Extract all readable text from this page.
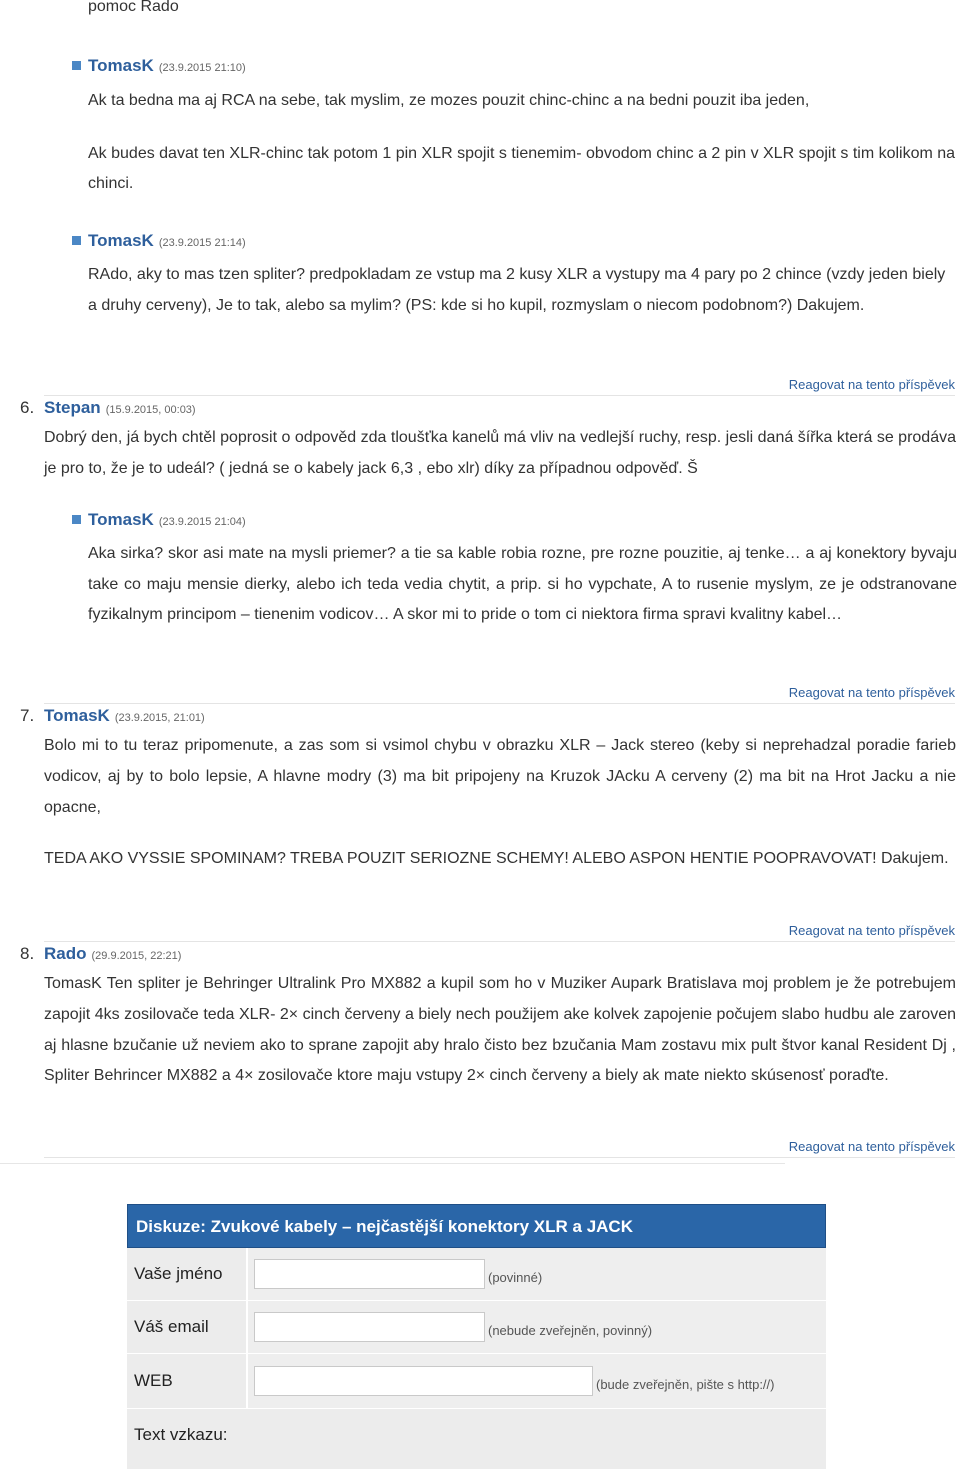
pomoc Rado
TomasK (23.9.2015 21:10)

Ak ta bedna ma aj RCA na sebe, tak myslim, ze mozes pouzit chinc-chinc a na bedni pouzit iba jeden,

Ak budes davat ten XLR-chinc tak potom 1 pin XLR spojit s tienemim- obvodom chinc a 2 pin v XLR spojit s tim kolikom na chinci.

TomasK (23.9.2015 21:14)

RAdo, aky to mas tzen spliter? predpokladam ze vstup ma 2 kusy XLR a vystupy ma 4 pary po 2 chince (vzdy jeden biely a druhy cerveny), Je to tak, alebo sa mylim? (PS: kde si ho kupil, rozmyslam o niecom podobnom?) Dakujem.

Reagovat na tento příspěvek
6. Stepan (15.9.2015, 00:03)

Dobrý den, já bych chtěl poprosit o odpověd zda tloušťka kanelů má vliv na vedlejší ruchy, resp. jesli daná šířka která se prodáva je pro to, že je to udeál? ( jedná se o kabely jack 6,3 , ebo xlr) díky za případnou odpověď. Š

TomasK (23.9.2015 21:04)

Aka sirka? skor asi mate na mysli priemer? a tie sa kable robia rozne, pre rozne pouzitie, aj tenke… a aj konektory byvaju take co maju mensie dierky, alebo ich teda vedia chytit, a prip. si ho vypchate, A to rusenie myslym, ze je odstranovane fyzikalnym principom – tienenim vodicov… A skor mi to pride o tom ci niektora firma spravi kvalitny kabel…

Reagovat na tento příspěvek
7. TomasK (23.9.2015, 21:01)

Bolo mi to tu teraz pripomenute, a zas som si vsimol chybu v obrazku XLR – Jack stereo (keby si neprehadzal poradie farieb vodicov, aj by to bolo lepsie, A hlavne modry (3) ma bit pripojeny na Kruzok JAcku A cerveny (2) ma bit na Hrot Jacku a nie opacne,

TEDA AKO VYSSIE SPOMINAM? TREBA POUZIT SERIOZNE SCHEMY! ALEBO ASPON HENTIE POOPRAVOVAT! Dakujem.

Reagovat na tento příspěvek
8. Rado (29.9.2015, 22:21)

TomasK Ten spliter je Behringer Ultralink Pro MX882 a kupil som ho v Muziker Aupark Bratislava moj problem je že potrebujem zapojit 4ks zosilovače teda XLR- 2× cinch červeny a biely nech použijem ake kolvek zapojenie počujem slabo hudbu ale zaroven aj hlasne bzučanie už neviem ako to sprane zapojit aby hralo čisto bez bzučania Mam zostavu mix pult štvor kanal Resident Dj , Spliter Behrincer MX882 a 4× zosilovače ktore maju vstupy 2× cinch červeny a biely ak mate niekto skúsenosť poraďte.

Reagovat na tento příspěvek
Diskuze: Zvukové kabely – nejčastější konektory XLR a JACK
Vaše jméno	(povinné)
Váš email	(nebude zveřejněn, povinný)
WEB	(bude zveřejněn, pište s http://)
Text vzkazu:
